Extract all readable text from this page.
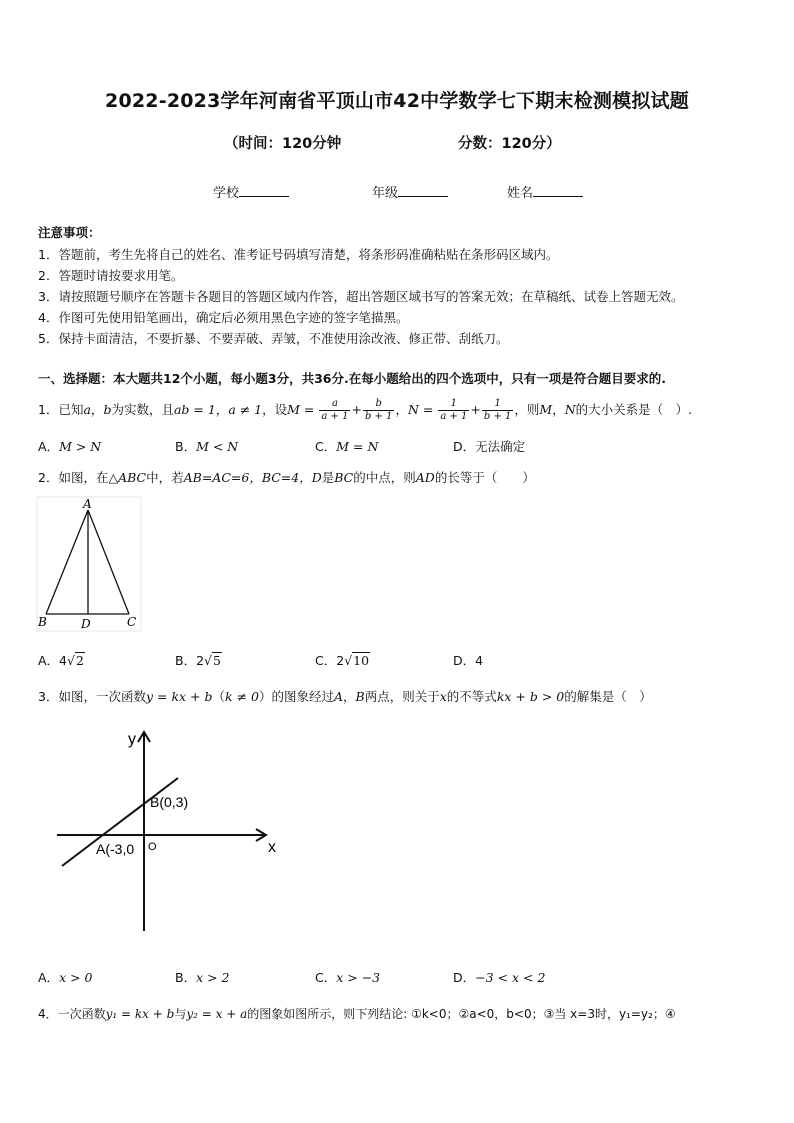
2022-2023学年河南省平顶山市42中学数学七下期末检测模拟试题
（时间：120分钟	分数：120分）
学校	年级	姓名
注意事项：
1．答题前，考生先将自己的姓名、准考证号码填写清楚，将条形码准确粘贴在条形码区域内。
2．答题时请按要求用笔。
3．请按照题号顺序在答题卡各题目的答题区域内作答，超出答题区域书写的答案无效；在草稿纸、试卷上答题无效。
4．作图可先使用铅笔画出，确定后必须用黑色字迹的签字笔描黑。
5．保持卡面清洁，不要折暴、不要弄破、弄皱，不准使用涂改液、修正带、刮纸刀。
一、选择题：本大题共12个小题，每小题3分，共36分.在每小题给出的四个选项中，只有一项是符合题目要求的.
1．已知a，b为实数，且ab = 1，a ≠ 1，设$M = \frac{a}{a + 1} + \frac{b}{b + 1}$ ，$N = \frac{1}{a + 1} + \frac{1}{b + 1}$ ，则M，N的大小关系是（　）.
A．M > N	B．M < N	C．M = N	D．无法确定
2．如图，在△ABC中，若AB=AC=6，BC=4，D是BC的中点，则AD的长等于（　　）
A
B	C
D
A．4√2	B．2√5	C．2√10	D．4
3．如图，一次函数y = kx + b（k ≠ 0）的图象经过A，B两点，则关于x的不等式kx + b > 0的解集是（　）
y
x
B(0,3)
A(-3,0 O
A．x > 0	B．x > 2	C．x > −3	D．−3 < x < 2
4．一次函数y₁ = kx + b与y₂ = x + a的图象如图所示，则下列结论: ①k<0；②a<0，b<0；③当 x=3时，y₁=y₂；④
